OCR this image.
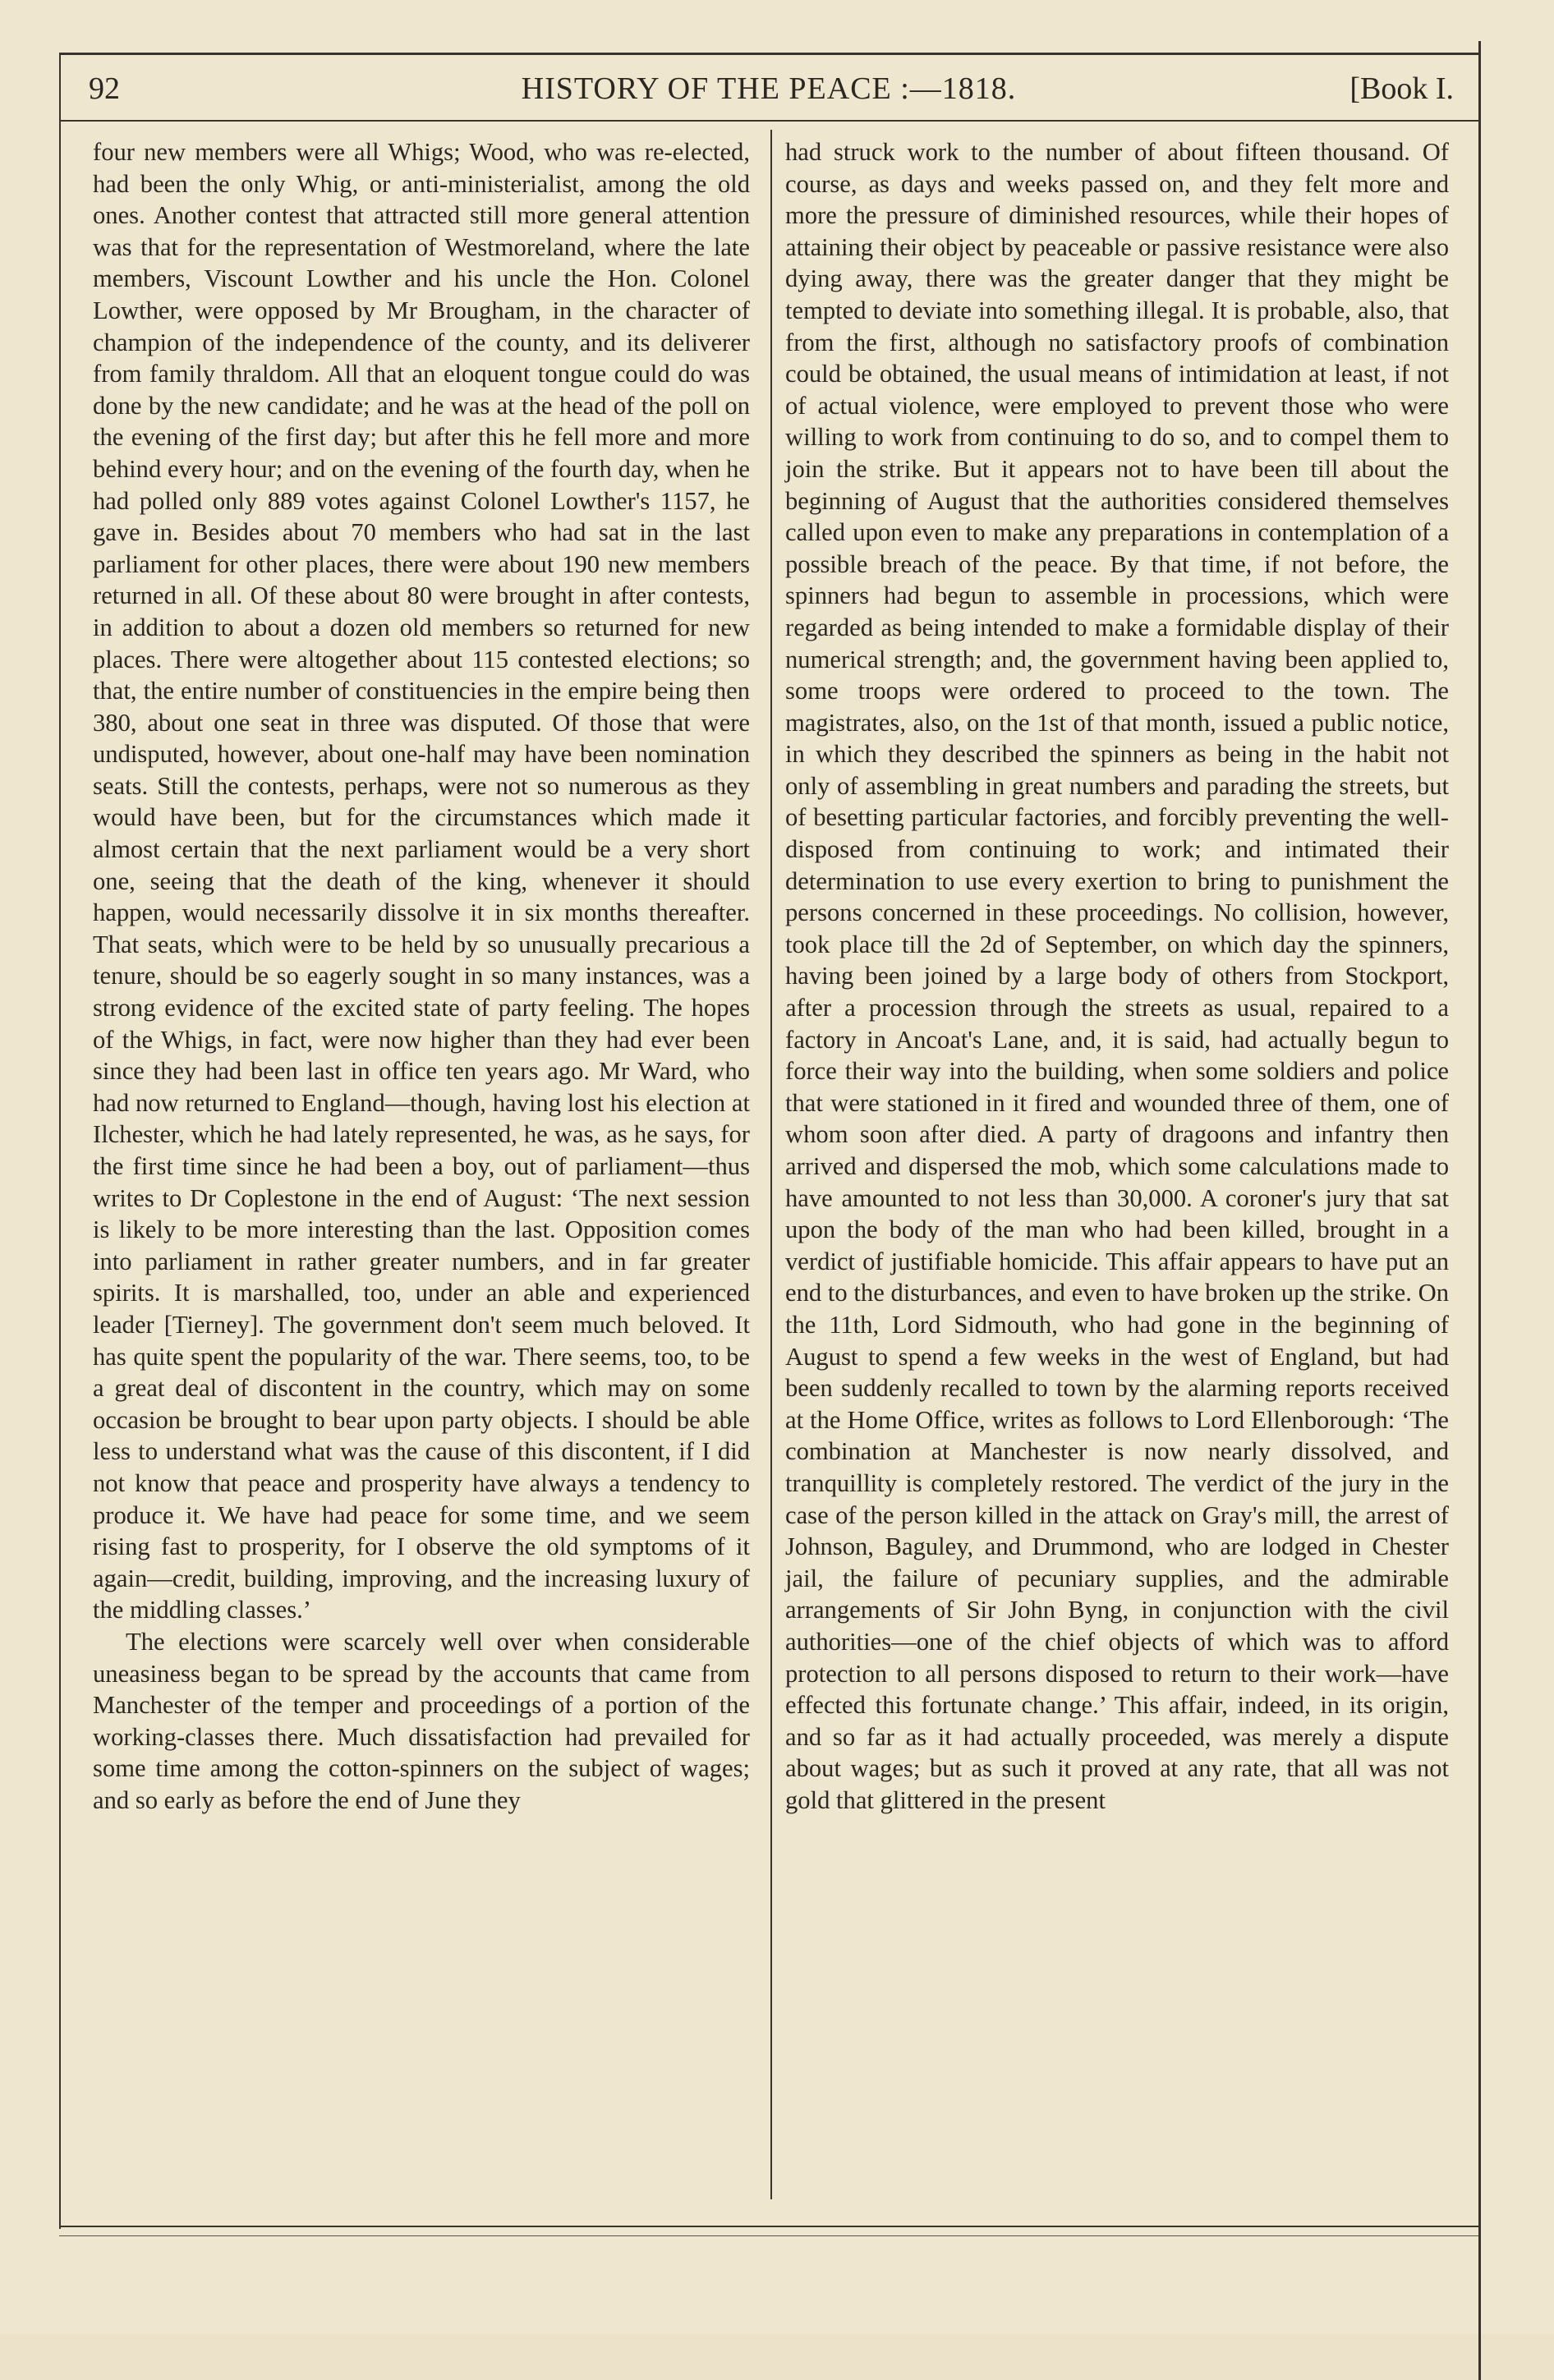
92	HISTORY OF THE PEACE :—1818.	[Book I.

four new members were all Whigs; Wood, who was re-elected, had been the only Whig, or anti-ministerialist, among the old ones. Another contest that attracted still more general attention was that for the representation of Westmoreland, where the late members, Viscount Lowther and his uncle the Hon. Colonel Lowther, were opposed by Mr Brougham, in the character of champion of the independence of the county, and its deliverer from family thraldom. All that an eloquent tongue could do was done by the new candidate; and he was at the head of the poll on the evening of the first day; but after this he fell more and more behind every hour; and on the evening of the fourth day, when he had polled only 889 votes against Colonel Lowther's 1157, he gave in. Besides about 70 members who had sat in the last parliament for other places, there were about 190 new members returned in all. Of these about 80 were brought in after contests, in addition to about a dozen old members so returned for new places. There were altogether about 115 contested elections; so that, the entire number of constituencies in the empire being then 380, about one seat in three was disputed. Of those that were undisputed, however, about one-half may have been nomination seats. Still the contests, perhaps, were not so numerous as they would have been, but for the circumstances which made it almost certain that the next parliament would be a very short one, seeing that the death of the king, whenever it should happen, would necessarily dissolve it in six months thereafter. That seats, which were to be held by so unusually precarious a tenure, should be so eagerly sought in so many instances, was a strong evidence of the excited state of party feeling. The hopes of the Whigs, in fact, were now higher than they had ever been since they had been last in office ten years ago. Mr Ward, who had now returned to England—though, having lost his election at Ilchester, which he had lately represented, he was, as he says, for the first time since he had been a boy, out of parliament—thus writes to Dr Coplestone in the end of August: ‘The next session is likely to be more interesting than the last. Opposition comes into parliament in rather greater numbers, and in far greater spirits. It is marshalled, too, under an able and experienced leader [Tierney]. The government don't seem much beloved. It has quite spent the popularity of the war. There seems, too, to be a great deal of discontent in the country, which may on some occasion be brought to bear upon party objects. I should be able less to understand what was the cause of this discontent, if I did not know that peace and prosperity have always a tendency to produce it. We have had peace for some time, and we seem rising fast to prosperity, for I observe the old symptoms of it again—credit, building, improving, and the increasing luxury of the middling classes.’

The elections were scarcely well over when considerable uneasiness began to be spread by the accounts that came from Manchester of the temper and proceedings of a portion of the working-classes there. Much dissatisfaction had prevailed for some time among the cotton-spinners on the subject of wages; and so early as before the end of June they

had struck work to the number of about fifteen thousand. Of course, as days and weeks passed on, and they felt more and more the pressure of diminished resources, while their hopes of attaining their object by peaceable or passive resistance were also dying away, there was the greater danger that they might be tempted to deviate into something illegal. It is probable, also, that from the first, although no satisfactory proofs of combination could be obtained, the usual means of intimidation at least, if not of actual violence, were employed to prevent those who were willing to work from continuing to do so, and to compel them to join the strike. But it appears not to have been till about the beginning of August that the authorities considered themselves called upon even to make any preparations in contemplation of a possible breach of the peace. By that time, if not before, the spinners had begun to assemble in processions, which were regarded as being intended to make a formidable display of their numerical strength; and, the government having been applied to, some troops were ordered to proceed to the town. The magistrates, also, on the 1st of that month, issued a public notice, in which they described the spinners as being in the habit not only of assembling in great numbers and parading the streets, but of besetting particular factories, and forcibly preventing the well-disposed from continuing to work; and intimated their determination to use every exertion to bring to punishment the persons concerned in these proceedings. No collision, however, took place till the 2d of September, on which day the spinners, having been joined by a large body of others from Stockport, after a procession through the streets as usual, repaired to a factory in Ancoat's Lane, and, it is said, had actually begun to force their way into the building, when some soldiers and police that were stationed in it fired and wounded three of them, one of whom soon after died. A party of dragoons and infantry then arrived and dispersed the mob, which some calculations made to have amounted to not less than 30,000. A coroner's jury that sat upon the body of the man who had been killed, brought in a verdict of justifiable homicide. This affair appears to have put an end to the disturbances, and even to have broken up the strike. On the 11th, Lord Sidmouth, who had gone in the beginning of August to spend a few weeks in the west of England, but had been suddenly recalled to town by the alarming reports received at the Home Office, writes as follows to Lord Ellenborough: ‘The combination at Manchester is now nearly dissolved, and tranquillity is completely restored. The verdict of the jury in the case of the person killed in the attack on Gray's mill, the arrest of Johnson, Baguley, and Drummond, who are lodged in Chester jail, the failure of pecuniary supplies, and the admirable arrangements of Sir John Byng, in conjunction with the civil authorities—one of the chief objects of which was to afford protection to all persons disposed to return to their work—have effected this fortunate change.’ This affair, indeed, in its origin, and so far as it had actually proceeded, was merely a dispute about wages; but as such it proved at any rate, that all was not gold that glittered in the present
